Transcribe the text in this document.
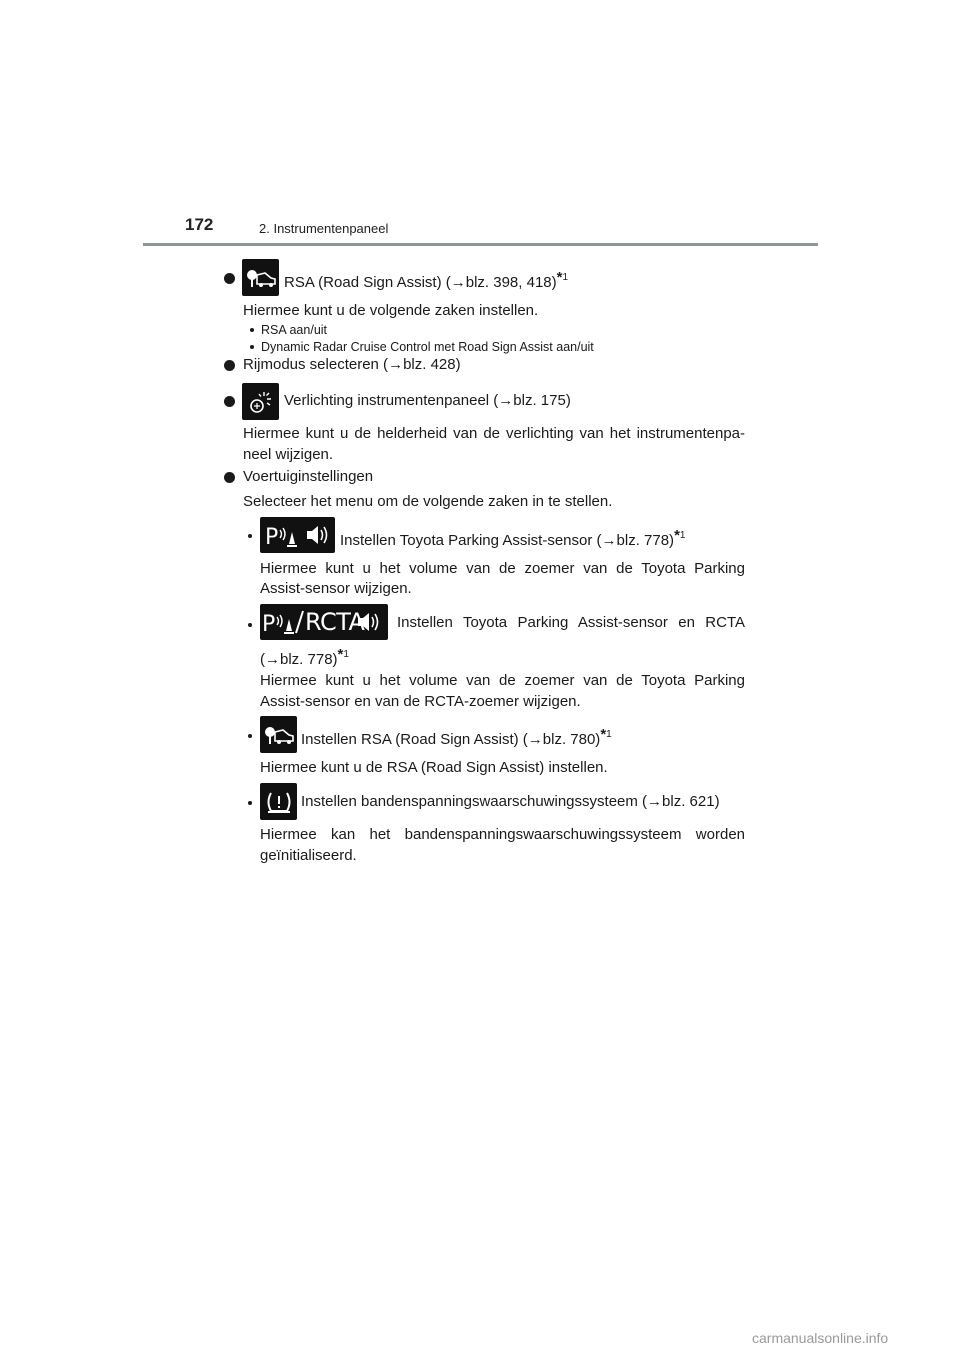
172	2. Instrumentenpaneel
RSA (Road Sign Assist) (→blz. 398, 418)*$^1$
Hiermee kunt u de volgende zaken instellen.
RSA aan/uit
Dynamic Radar Cruise Control met Road Sign Assist aan/uit
Rijmodus selecteren (→blz. 428)
Verlichting instrumentenpaneel (→blz. 175)
Hiermee kunt u de helderheid van de verlichting van het instrumentenpa-
neel wijzigen.
Voertuiginstellingen
Selecteer het menu om de volgende zaken in te stellen.
P	Instellen Toyota Parking Assist-sensor (→blz. 778)*$^1$
Hiermee kunt u het volume van de zoemer van de Toyota Parking
Assist-sensor wijzigen.
P RCTA Instellen Toyota Parking Assist-sensor en RCTA
(→blz. 778)*$^1$
Hiermee kunt u het volume van de zoemer van de Toyota Parking
Assist-sensor en van de RCTA-zoemer wijzigen.
Instellen RSA (Road Sign Assist) (→blz. 780)*$^1$
Hiermee kunt u de RSA (Road Sign Assist) instellen.
Instellen bandenspanningswaarschuwingssysteem (→blz. 621)
Hiermee kan het bandenspanningswaarschuwingssysteem worden
geïnitialiseerd.
carmanualsonline.info
